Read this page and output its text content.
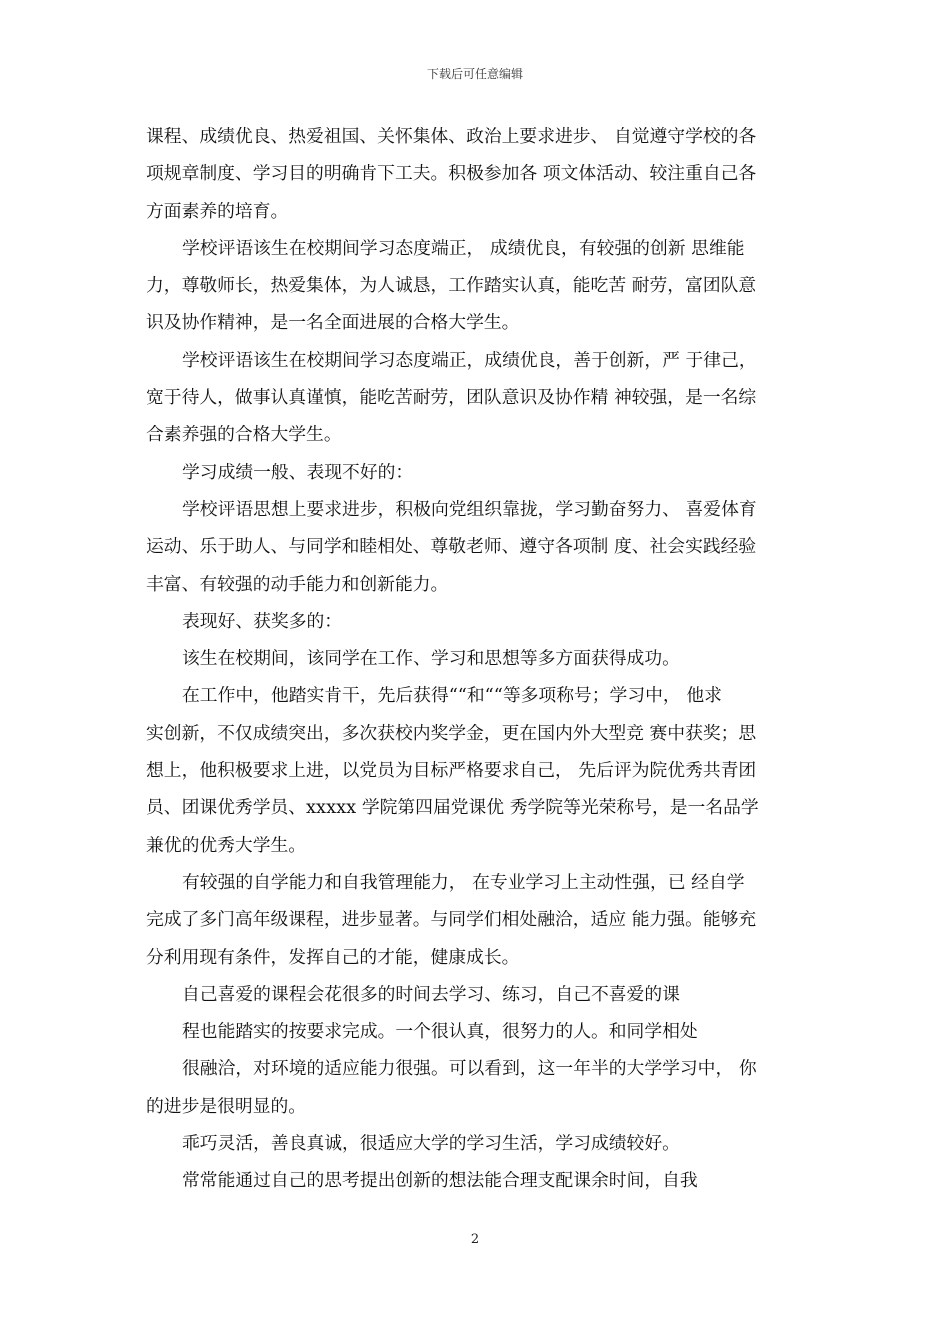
下载后可任意编辑
课程、成绩优良、热爱祖国、关怀集体、政治上要求进步、 自觉遵守学校的各
项规章制度、学习目的明确肯下工夫。积极参加各 项文体活动、较注重自己各
方面素养的培育。
学校评语该生在校期间学习态度端正， 成绩优良，有较强的创新 思维能
力，尊敬师长，热爱集体，为人诚恳，工作踏实认真，能吃苦 耐劳，富团队意
识及协作精神，是一名全面进展的合格大学生。
学校评语该生在校期间学习态度端正，成绩优良，善于创新，严 于律己，
宽于待人，做事认真谨慎，能吃苦耐劳，团队意识及协作精 神较强，是一名综
合素养强的合格大学生。
学习成绩一般、表现不好的：
学校评语思想上要求进步，积极向党组织靠拢，学习勤奋努力、 喜爱体育
运动、乐于助人、与同学和睦相处、尊敬老师、遵守各项制 度、社会实践经验
丰富、有较强的动手能力和创新能力。
表现好、获奖多的：
该生在校期间，该同学在工作、学习和思想等多方面获得成功。
在工作中，他踏实肯干，先后获得““和““等多项称号；学习中， 他求
实创新，不仅成绩突出，多次获校内奖学金，更在国内外大型竞 赛中获奖；思
想上，他积极要求上进，以党员为目标严格要求自己， 先后评为院优秀共青团
员、团课优秀学员、xxxxx 学院第四届党课优 秀学院等光荣称号，是一名品学
兼优的优秀大学生。
有较强的自学能力和自我管理能力， 在专业学习上主动性强，已 经自学
完成了多门高年级课程，进步显著。与同学们相处融洽，适应 能力强。能够充
分利用现有条件，发挥自己的才能，健康成长。
自己喜爱的课程会花很多的时间去学习、练习，自己不喜爱的课
程也能踏实的按要求完成。一个很认真，很努力的人。和同学相处
很融洽，对环境的适应能力很强。可以看到，这一年半的大学学习中， 你
的进步是很明显的。
乖巧灵活，善良真诚，很适应大学的学习生活，学习成绩较好。
常常能通过自己的思考提出创新的想法能合理支配课余时间，自我
2
